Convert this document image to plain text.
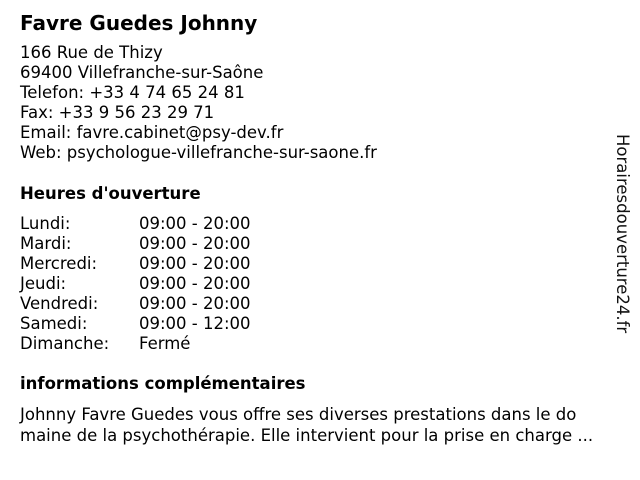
Favre Guedes Johnny
166 Rue de Thizy
69400 Villefranche-sur-Saône
Telefon: +33 4 74 65 24 81
Fax: +33 9 56 23 29 71
Email: favre.cabinet@psy-dev.fr
Web: psychologue-villefranche-sur-saone.fr
Heures d'ouverture
Lundi:	09:00 - 20:00
Mardi:	09:00 - 20:00
Mercredi:	09:00 - 20:00
Jeudi:	09:00 - 20:00
Vendredi:	09:00 - 20:00
Samedi:	09:00 - 12:00
Dimanche:	Fermé
informations complémentaires
Johnny Favre Guedes vous offre ses diverses prestations dans le do
maine de la psychothérapie. Elle intervient pour la prise en charge ...
Horairesdouverture24.fr
